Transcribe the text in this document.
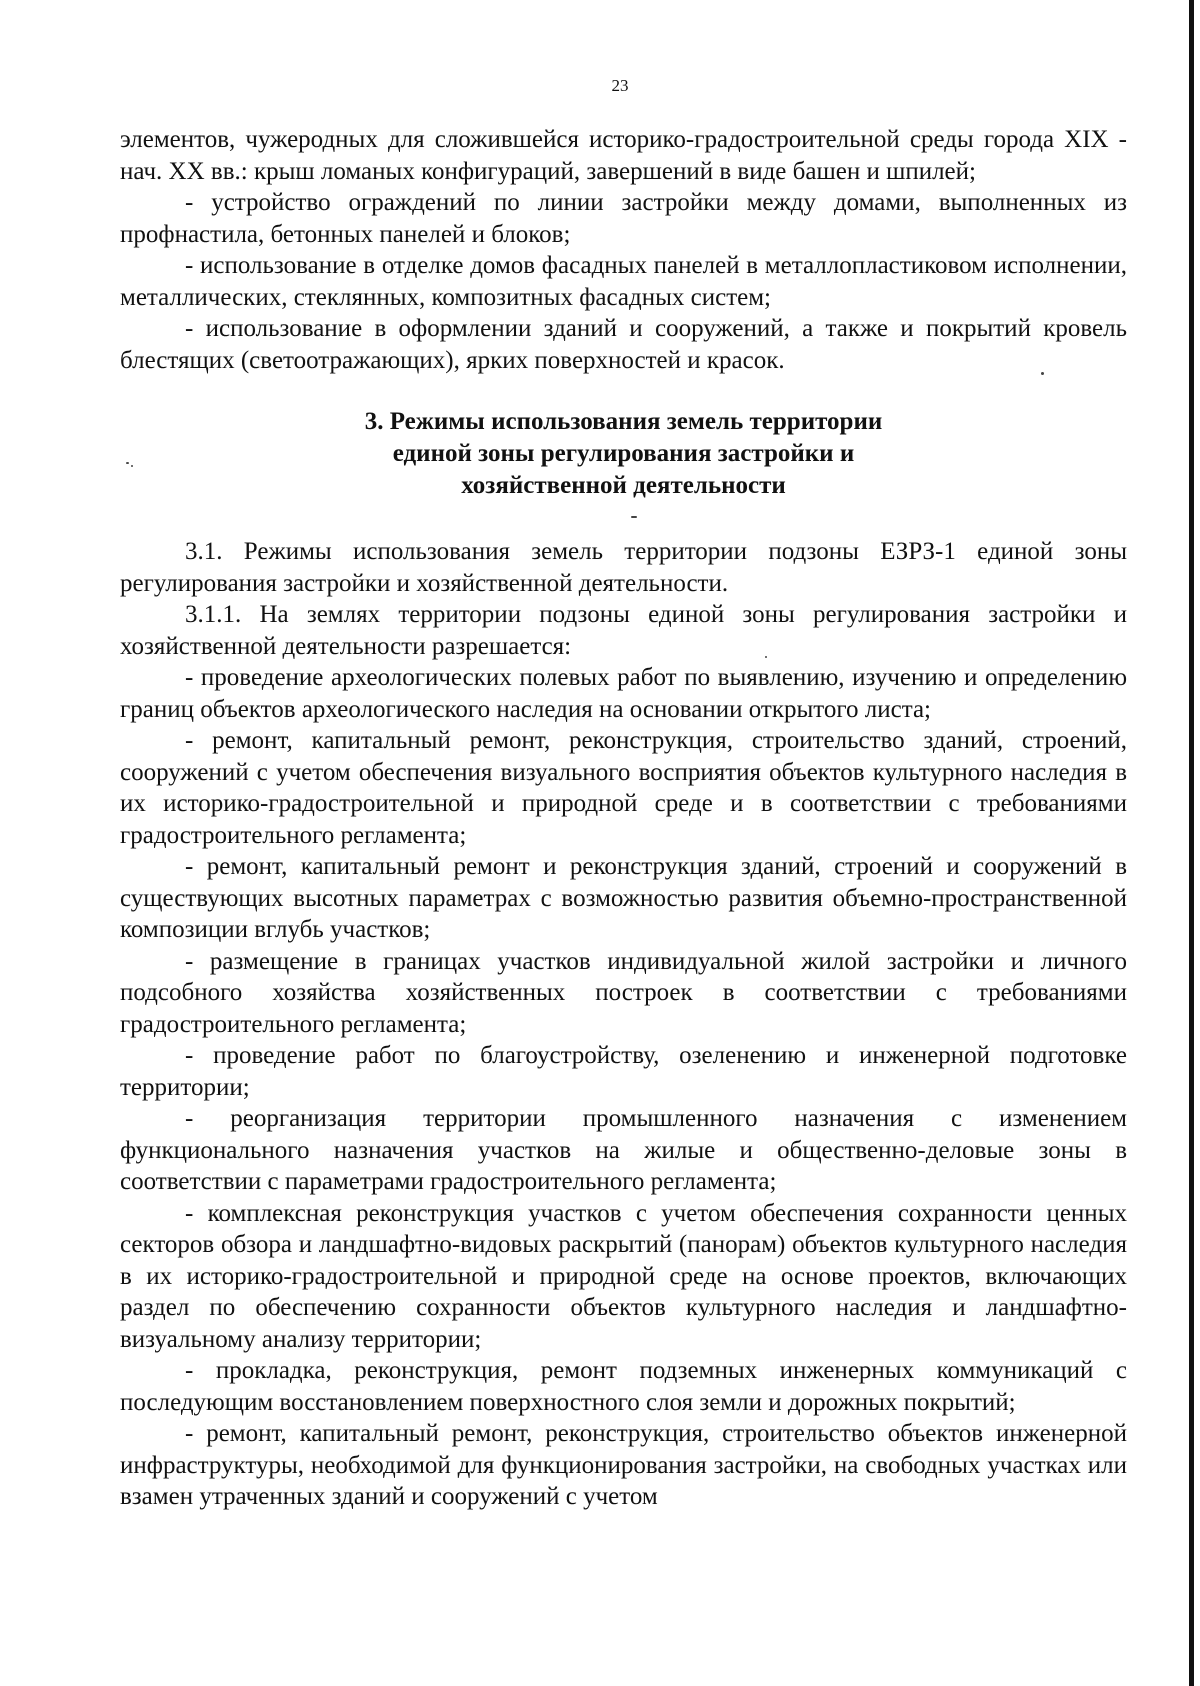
23

элементов, чужеродных для сложившейся историко-градостроительной среды города XIX - нач. XX вв.: крыш ломаных конфигураций, завершений в виде башен и шпилей;

- устройство ограждений по линии застройки между домами, выполненных из профнастила, бетонных панелей и блоков;

- использование в отделке домов фасадных панелей в металлопластиковом исполнении, металлических, стеклянных, композитных фасадных систем;

- использование в оформлении зданий и сооружений, а также и покрытий кровель блестящих (светоотражающих), ярких поверхностей и красок.

3. Режимы использования земель территории
единой зоны регулирования застройки и
хозяйственной деятельности

3.1. Режимы использования земель территории подзоны ЕЗРЗ-1 единой зоны регулирования застройки и хозяйственной деятельности.

3.1.1. На землях территории подзоны единой зоны регулирования застройки и хозяйственной деятельности разрешается:

- проведение археологических полевых работ по выявлению, изучению и определению границ объектов археологического наследия на основании открытого листа;

- ремонт, капитальный ремонт, реконструкция, строительство зданий, строений, сооружений с учетом обеспечения визуального восприятия объектов культурного наследия в их историко-градостроительной и природной среде и в соответствии с требованиями градостроительного регламента;

- ремонт, капитальный ремонт и реконструкция зданий, строений и сооружений в существующих высотных параметрах с возможностью развития объемно-пространственной композиции вглубь участков;

- размещение в границах участков индивидуальной жилой застройки и личного подсобного хозяйства хозяйственных построек в соответствии с требованиями градостроительного регламента;

- проведение работ по благоустройству, озеленению и инженерной подготовке территории;

- реорганизация территории промышленного назначения с изменением функционального назначения участков на жилые и общественно-деловые зоны в соответствии с параметрами градостроительного регламента;

- комплексная реконструкция участков с учетом обеспечения сохранности ценных секторов обзора и ландшафтно-видовых раскрытий (панорам) объектов культурного наследия в их историко-градостроительной и природной среде на основе проектов, включающих раздел по обеспечению сохранности объектов культурного наследия и ландшафтно-визуальному анализу территории;

- прокладка, реконструкция, ремонт подземных инженерных коммуникаций с последующим восстановлением поверхностного слоя земли и дорожных покрытий;

- ремонт, капитальный ремонт, реконструкция, строительство объектов инженерной инфраструктуры, необходимой для функционирования застройки, на свободных участках или взамен утраченных зданий и сооружений с учетом
